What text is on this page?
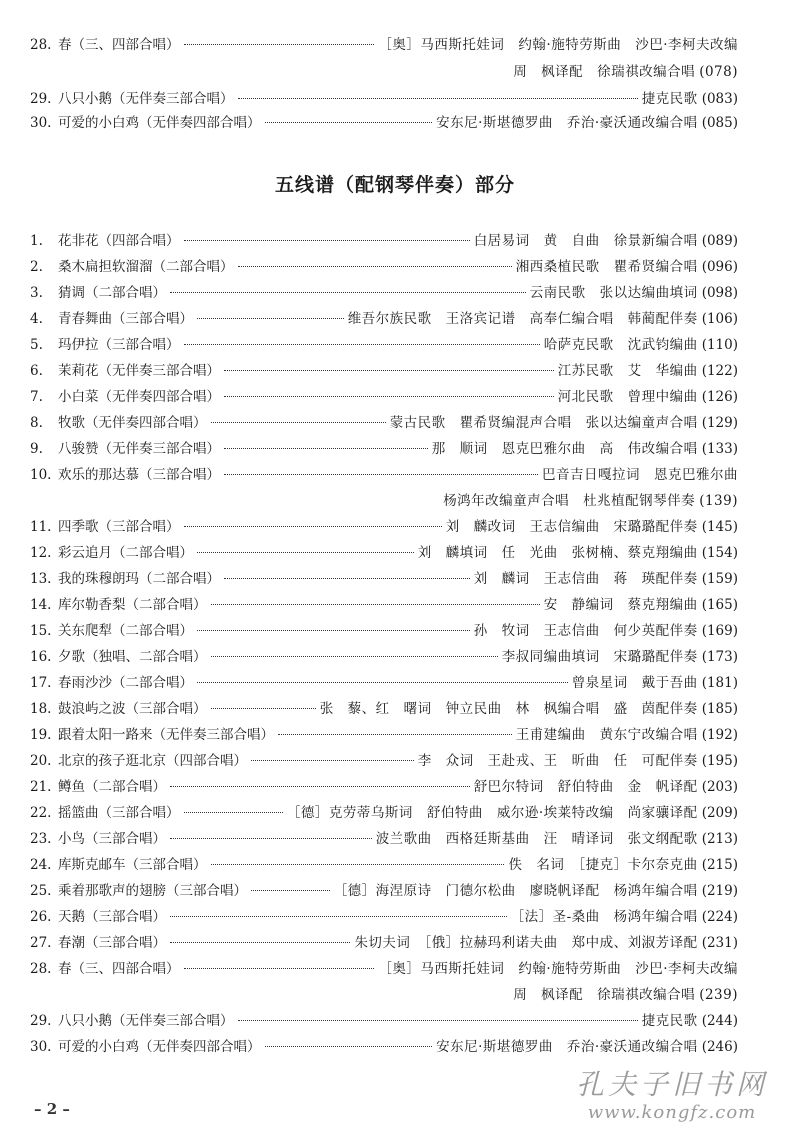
28. 春（三、四部合唱）	［奥］马西斯托娃词　约翰·施特劳斯曲　沙巴·李柯夫改编
周　枫译配　徐瑞祺改编合唱 (078)
29. 八只小鹅（无伴奏三部合唱）	捷克民歌 (083)
30. 可爱的小白鸡（无伴奏四部合唱）	安东尼·斯堪德罗曲　乔治·豪沃通改编合唱 (085)
五线谱（配钢琴伴奏）部分
1.	花非花（四部合唱）	白居易词　黄　自曲　徐景新编合唱 (089)
2.	桑木扁担软溜溜（二部合唱）	湘西桑植民歌　瞿希贤编合唱 (096)
3.	猜调（二部合唱）	云南民歌　张以达编曲填词 (098)
4.	青春舞曲（三部合唱）	维吾尔族民歌　王洛宾记谱　高奉仁编合唱　韩蔺配伴奏 (106)
5.	玛伊拉（三部合唱）	哈萨克民歌　沈武钧编曲 (110)
6.	茉莉花（无伴奏三部合唱）	江苏民歌　艾　华编曲 (122)
7.	小白菜（无伴奏四部合唱）	河北民歌　曾理中编曲 (126)
8.	牧歌（无伴奏四部合唱）	蒙古民歌　瞿希贤编混声合唱　张以达编童声合唱 (129)
9.	八骏赞（无伴奏三部合唱）	那　顺词　恩克巴雅尔曲　高　伟改编合唱 (133)
10. 欢乐的那达慕（三部合唱）	巴音吉日嘎拉词　恩克巴雅尔曲
杨鸿年改编童声合唱　杜兆植配钢琴伴奏 (139)
11. 四季歌（三部合唱）	刘　麟改词　王志信编曲　宋璐璐配伴奏 (145)
12. 彩云追月（二部合唱）	刘　麟填词　任　光曲　张树楠、蔡克翔编曲 (154)
13. 我的珠穆朗玛（二部合唱）	刘　麟词　王志信曲　蒋　瑛配伴奏 (159)
14. 库尔勒香梨（二部合唱）	安　静编词　蔡克翔编曲 (165)
15. 关东爬犁（二部合唱）	孙　牧词　王志信曲　何少英配伴奏 (169)
16. 夕歌（独唱、二部合唱）	李叔同编曲填词　宋璐璐配伴奏 (173)
17. 春雨沙沙（二部合唱）	曾泉星词　戴于吾曲 (181)
18. 鼓浪屿之波（三部合唱）	张　藜、红　曙词　钟立民曲　林　枫编合唱　盛　茵配伴奏 (185)
19. 跟着太阳一路来（无伴奏三部合唱）	王甫建编曲　黄东宁改编合唱 (192)
20. 北京的孩子逛北京（四部合唱）	李　众词　王赴戎、王　昕曲　任　可配伴奏 (195)
21. 鳟鱼（二部合唱）	舒巴尔特词　舒伯特曲　金　帆译配 (203)
22. 摇篮曲（三部合唱）	［德］克劳蒂乌斯词　舒伯特曲　威尔逊·埃莱特改编　尚家骧译配 (209)
23. 小鸟（三部合唱）	波兰歌曲　西格廷斯基曲　汪　晴译词　张文纲配歌 (213)
24. 库斯克邮车（三部合唱）	佚　名词　［捷克］卡尔奈克曲 (215)
25. 乘着那歌声的翅膀（三部合唱）	［德］海涅原诗　门德尔松曲　廖晓帆译配　杨鸿年编合唱 (219)
26. 天鹅（三部合唱）	［法］圣-桑曲　杨鸿年编合唱 (224)
27. 春潮（三部合唱）	朱切夫词　［俄］拉赫玛利诺夫曲　郑中成、刘淑芳译配 (231)
28. 春（三、四部合唱）	［奥］马西斯托娃词　约翰·施特劳斯曲　沙巴·李柯夫改编
周　枫译配　徐瑞祺改编合唱 (239)
29. 八只小鹅（无伴奏三部合唱）	捷克民歌 (244)
30. 可爱的小白鸡（无伴奏四部合唱）	安东尼·斯堪德罗曲　乔治·豪沃通改编合唱 (246)
– 2 –
孔夫子旧书网
www.kongfz.com
